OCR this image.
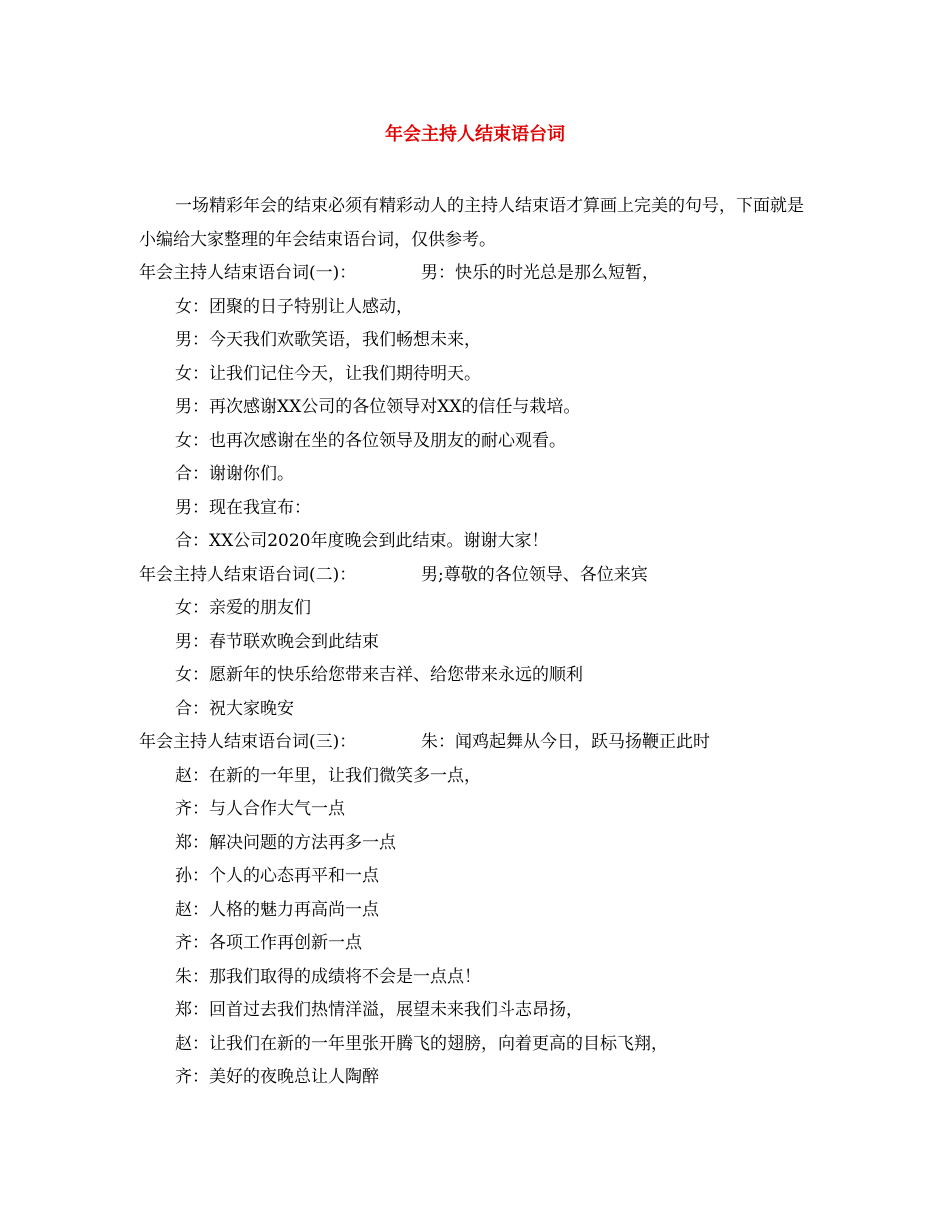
年会主持人结束语台词

一场精彩年会的结束必须有精彩动人的主持人结束语才算画上完美的句号，下面就是小编给大家整理的年会结束语台词，仅供参考。

年会主持人结束语台词(一)：	男：快乐的时光总是那么短暂，
女：团聚的日子特别让人感动，
男：今天我们欢歌笑语，我们畅想未来，
女：让我们记住今天，让我们期待明天。
男：再次感谢XX公司的各位领导对XX的信任与栽培。
女：也再次感谢在坐的各位领导及朋友的耐心观看。
合：谢谢你们。
男：现在我宣布：
合：XX公司2020年度晚会到此结束。谢谢大家！
年会主持人结束语台词(二)：	男;尊敬的各位领导、各位来宾
女：亲爱的朋友们
男：春节联欢晚会到此结束
女：愿新年的快乐给您带来吉祥、给您带来永远的顺利
合：祝大家晚安
年会主持人结束语台词(三)：	朱：闻鸡起舞从今日，跃马扬鞭正此时
赵：在新的一年里，让我们微笑多一点，
齐：与人合作大气一点
郑：解决问题的方法再多一点
孙：个人的心态再平和一点
赵：人格的魅力再高尚一点
齐：各项工作再创新一点
朱：那我们取得的成绩将不会是一点点！
郑：回首过去我们热情洋溢，展望未来我们斗志昂扬，
赵：让我们在新的一年里张开腾飞的翅膀，向着更高的目标飞翔，
齐：美好的夜晚总让人陶醉
